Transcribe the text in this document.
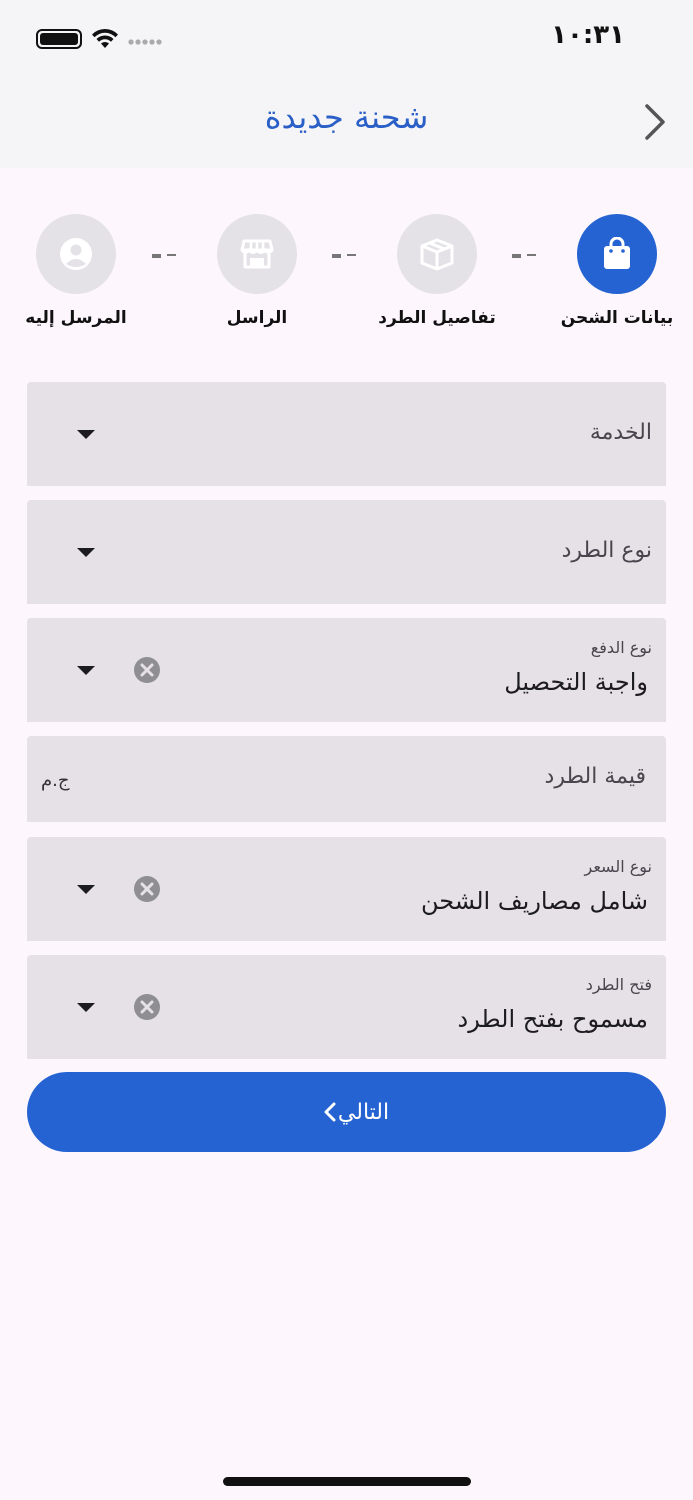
١٠:٣١
شحنة جديدة
بيانات الشحن
تفاصيل الطرد
الراسل
المرسل إليه
الخدمة
نوع الطرد
نوع الدفع
واجبة التحصيل
قيمة الطرد
ج.م
نوع السعر
شامل مصاريف الشحن
فتح الطرد
مسموح بفتح الطرد
التالي
